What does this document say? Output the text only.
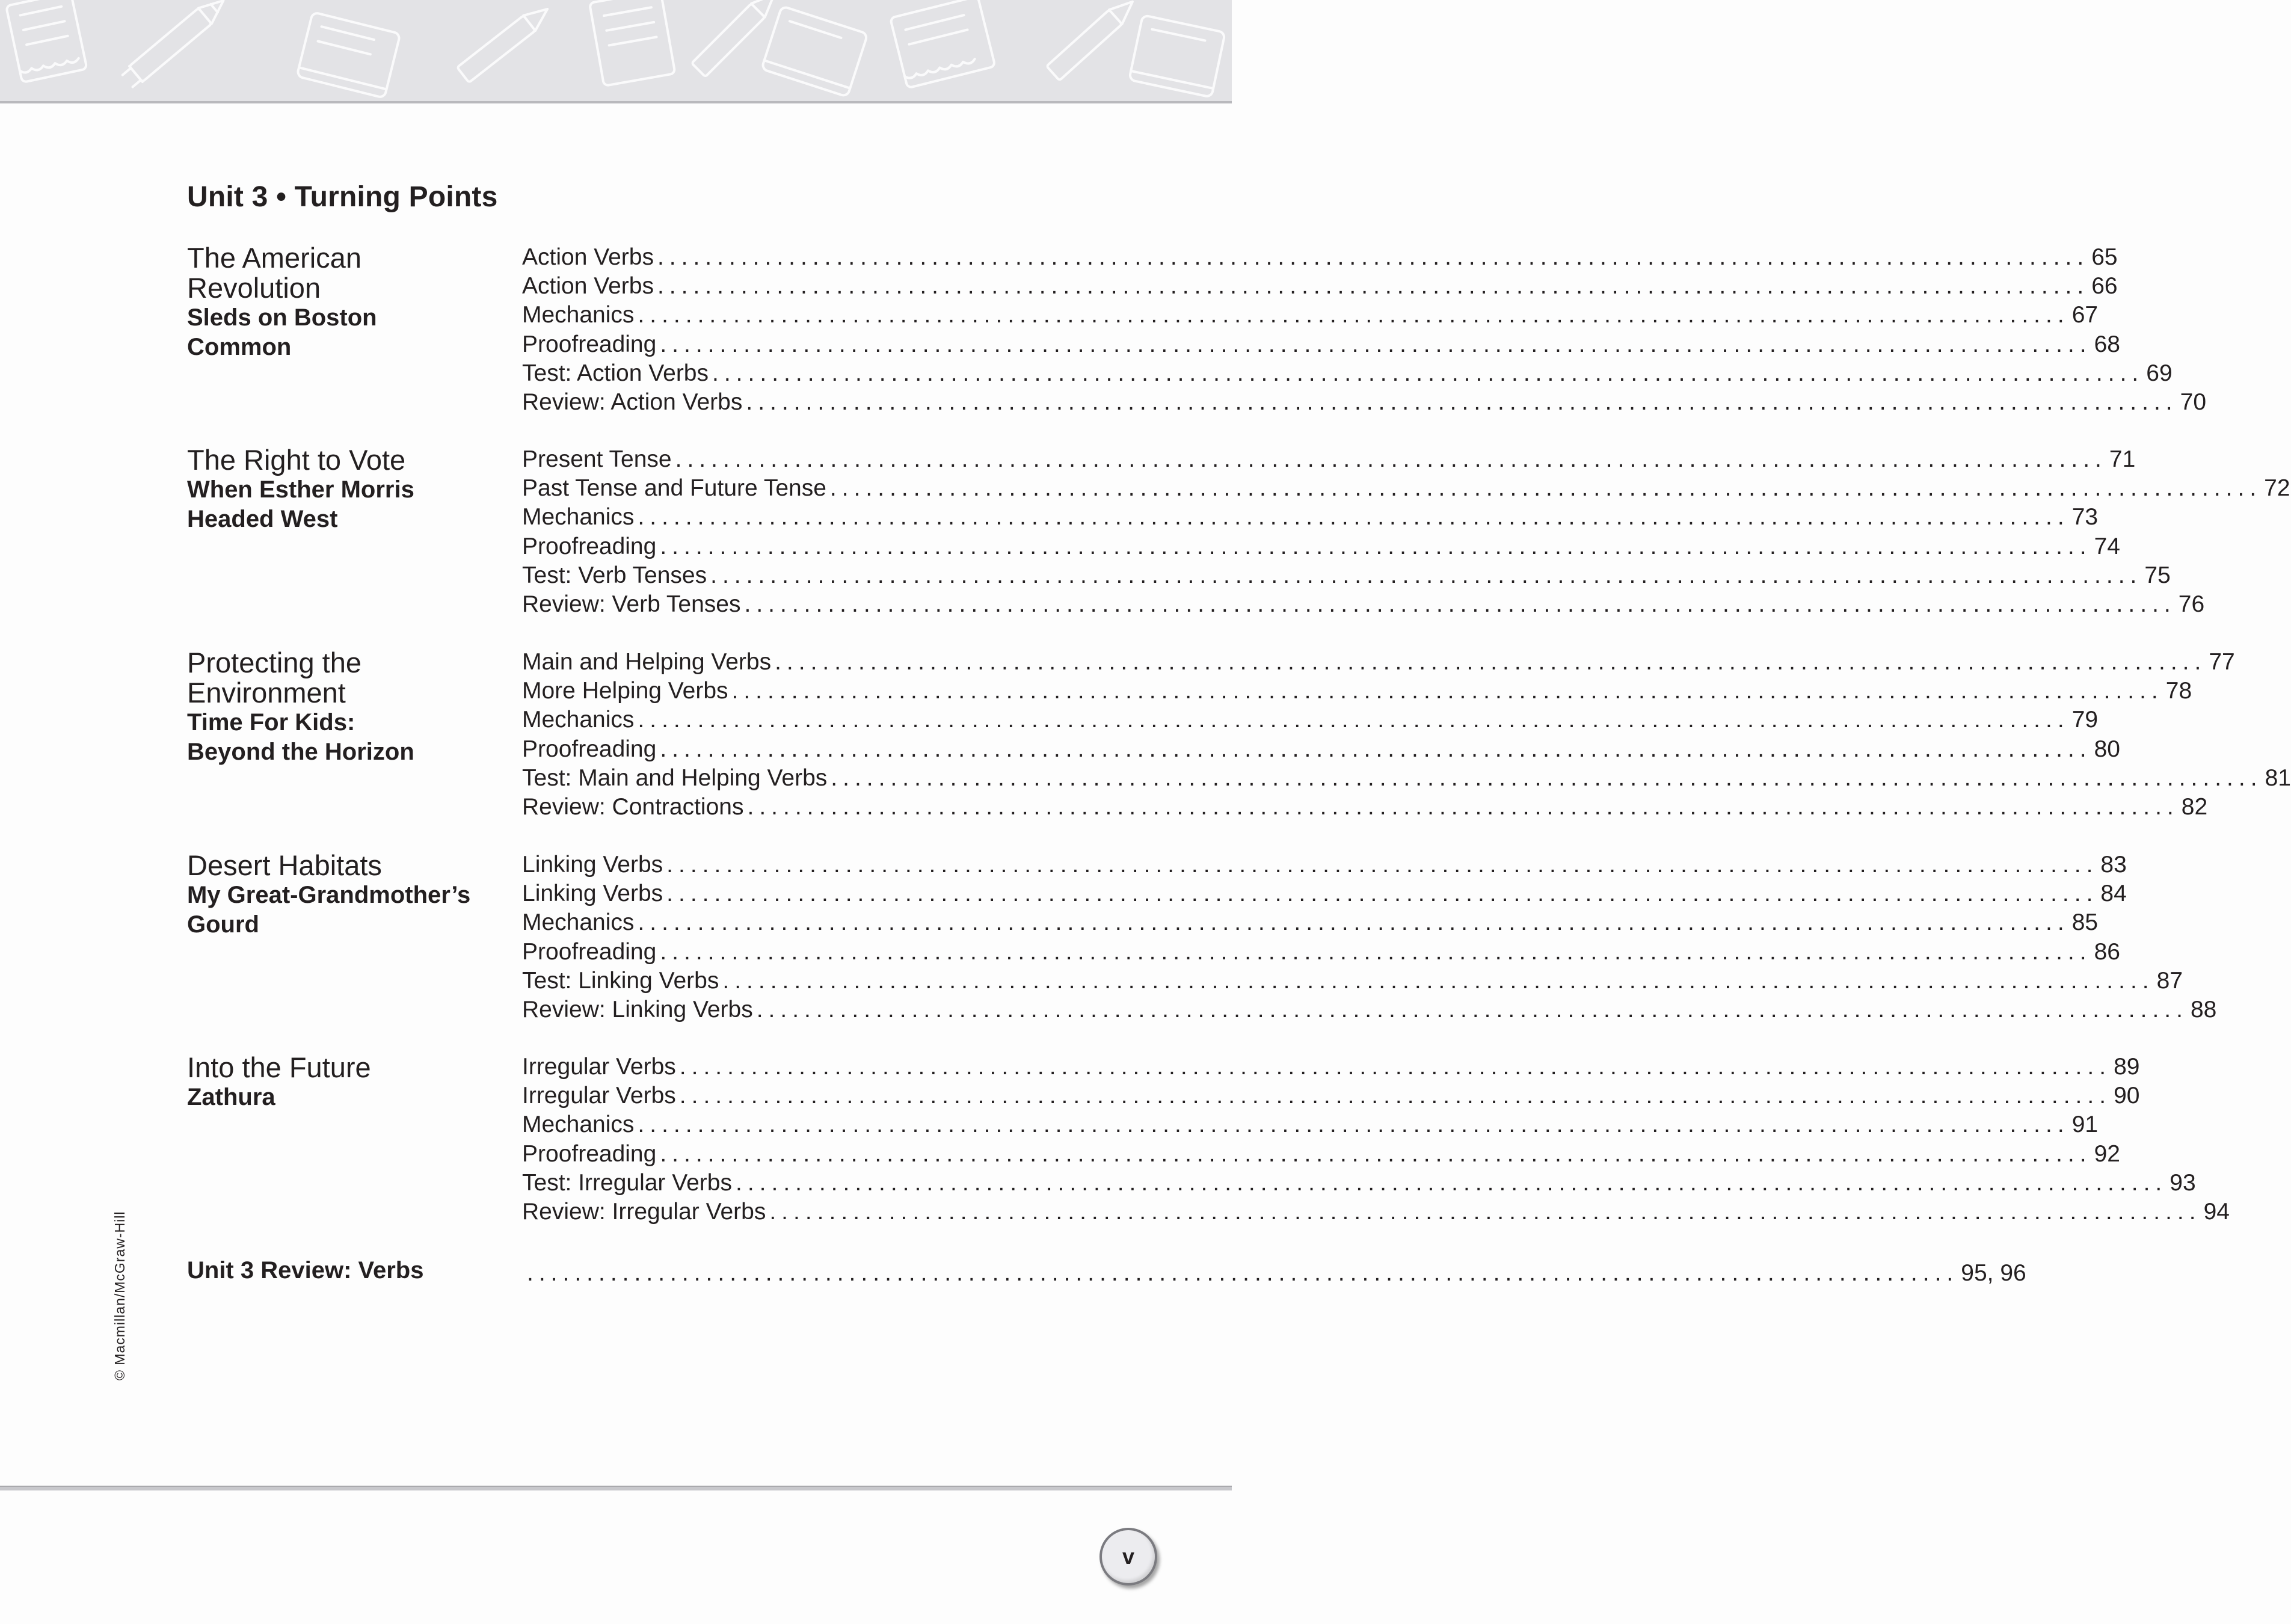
Unit 3 • Turning Points

The American

Revolution

Sleds on Boston

Common

Action Verbs ........................................................................................................................ 65
Action Verbs ........................................................................................................................ 66
Mechanics ........................................................................................................................ 67
Proofreading ........................................................................................................................ 68
Test: Action Verbs ........................................................................................................................ 69
Review: Action Verbs ........................................................................................................................ 70

The Right to Vote

When Esther Morris

Headed West

Present Tense ........................................................................................................................ 71
Past Tense and Future Tense ........................................................................................................................ 72
Mechanics ........................................................................................................................ 73
Proofreading ........................................................................................................................ 74
Test: Verb Tenses ........................................................................................................................ 75
Review: Verb Tenses ........................................................................................................................ 76

Protecting the

Environment

Time For Kids:

Beyond the Horizon

Main and Helping Verbs ........................................................................................................................ 77
More Helping Verbs ........................................................................................................................ 78
Mechanics ........................................................................................................................ 79
Proofreading ........................................................................................................................ 80
Test: Main and Helping Verbs ........................................................................................................................ 81
Review: Contractions ........................................................................................................................ 82

Desert Habitats

My Great-Grandmother’s

Gourd

Linking Verbs ........................................................................................................................ 83
Linking Verbs ........................................................................................................................ 84
Mechanics ........................................................................................................................ 85
Proofreading ........................................................................................................................ 86
Test: Linking Verbs ........................................................................................................................ 87
Review: Linking Verbs ........................................................................................................................ 88

Into the Future

Zathura

Irregular Verbs ........................................................................................................................ 89
Irregular Verbs ........................................................................................................................ 90
Mechanics ........................................................................................................................ 91
Proofreading ........................................................................................................................ 92
Test: Irregular Verbs ........................................................................................................................ 93
Review: Irregular Verbs ........................................................................................................................ 94
Unit 3 Review: Verbs	........................................................................................................................ 95, 96
© Macmillan/McGraw-Hill
v
